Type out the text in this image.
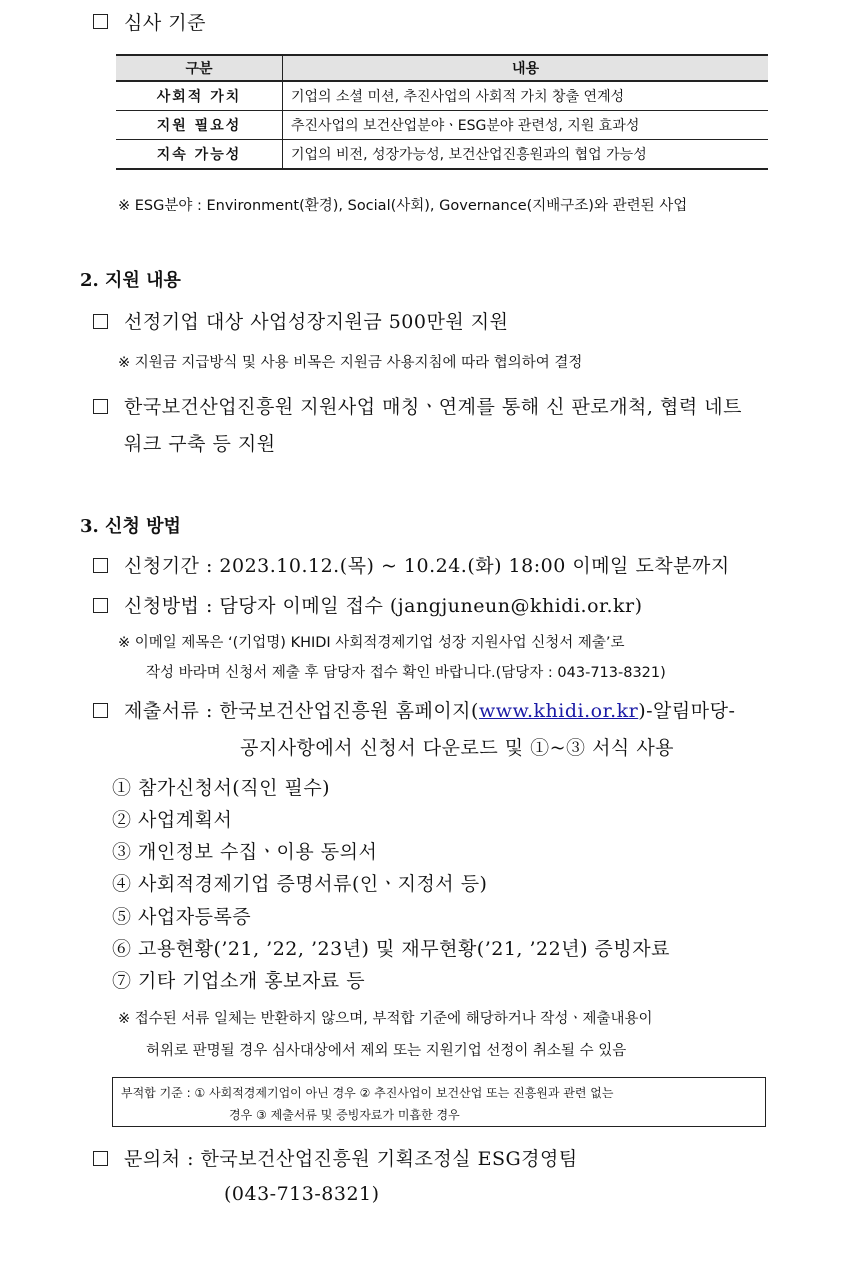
심사 기준
구분	내용
사회적 가치	기업의 소셜 미션, 추진사업의 사회적 가치 창출 연계성
지원 필요성	추진사업의 보건산업분야ㆍESG분야 관련성, 지원 효과성
지속 가능성	기업의 비전, 성장가능성, 보건산업진흥원과의 협업 가능성
※ ESG분야 : Environment(환경), Social(사회), Governance(지배구조)와 관련된 사업
2. 지원 내용
선정기업 대상 사업성장지원금 500만원 지원
※ 지원금 지급방식 및 사용 비목은 지원금 사용지침에 따라 협의하여 결정
한국보건산업진흥원 지원사업 매칭ㆍ연계를 통해 신 판로개척, 협력 네트
워크 구축 등 지원
3. 신청 방법
신청기간 : 2023.10.12.(목) ~ 10.24.(화) 18:00 이메일 도착분까지
신청방법 : 담당자 이메일 접수 (jangjuneun@khidi.or.kr)
※ 이메일 제목은 ‘(기업명) KHIDI 사회적경제기업 성장 지원사업 신청서 제출’로
작성 바라며 신청서 제출 후 담당자 접수 확인 바랍니다.(담당자 : 043-713-8321)
제출서류 : 한국보건산업진흥원 홈페이지(www.khidi.or.kr)-알림마당-
공지사항에서 신청서 다운로드 및 ①~③ 서식 사용
① 참가신청서(직인 필수)
② 사업계획서
③ 개인정보 수집ㆍ이용 동의서
④ 사회적경제기업 증명서류(인ㆍ지정서 등)
⑤ 사업자등록증
⑥ 고용현황(’21, ’22, ’23년) 및 재무현황(’21, ’22년) 증빙자료
⑦ 기타 기업소개 홍보자료 등
※ 접수된 서류 일체는 반환하지 않으며, 부적합 기준에 해당하거나 작성ㆍ제출내용이
허위로 판명될 경우 심사대상에서 제외 또는 지원기업 선정이 취소될 수 있음
부적합 기준 : ① 사회적경제기업이 아닌 경우 ② 추진사업이 보건산업 또는 진흥원과 관련 없는
경우 ③ 제출서류 및 증빙자료가 미흡한 경우
문의처 : 한국보건산업진흥원 기획조정실 ESG경영팀
(043-713-8321)
